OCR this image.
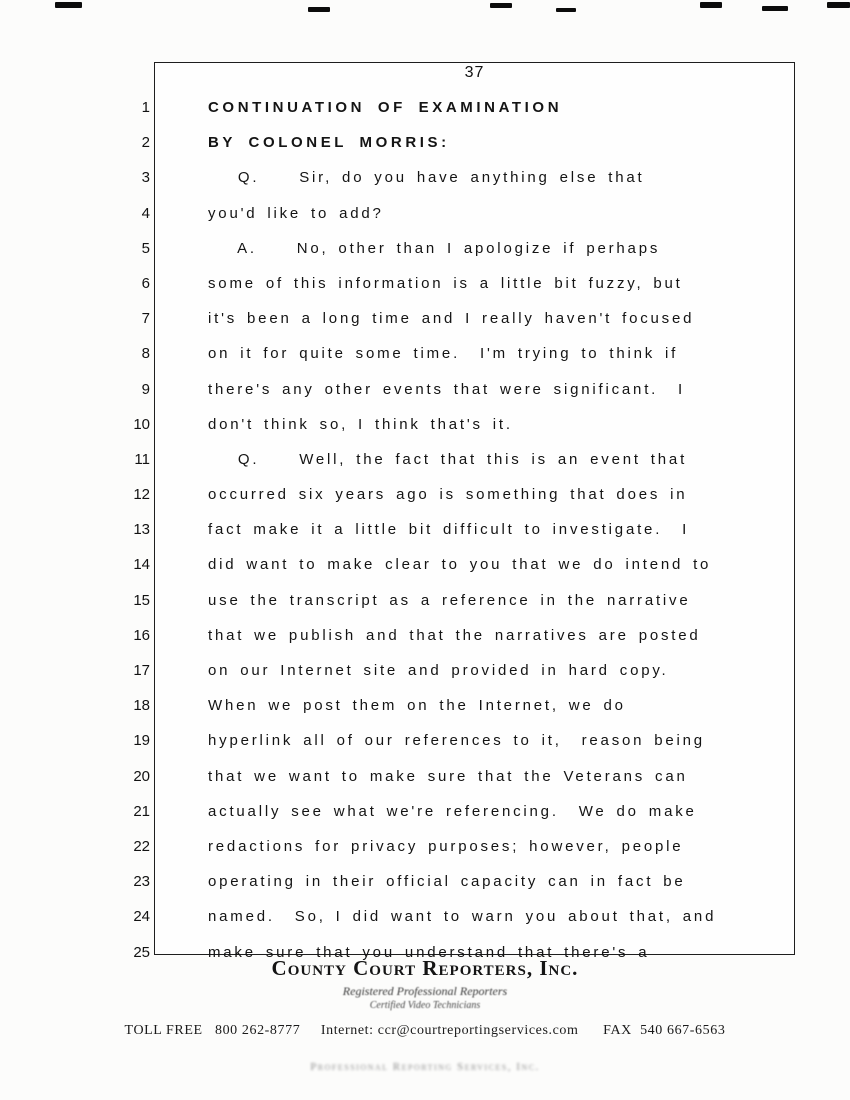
37
1	CONTINUATION OF EXAMINATION
2	BY COLONEL MORRIS:
3	Q.    Sir, do you have anything else that
4	you'd like to add?
5	A.    No, other than I apologize if perhaps
6	some of this information is a little bit fuzzy, but
7	it's been a long time and I really haven't focused
8	on it for quite some time.  I'm trying to think if
9	there's any other events that were significant.  I
10	don't think so, I think that's it.
11	Q.    Well, the fact that this is an event that
12	occurred six years ago is something that does in
13	fact make it a little bit difficult to investigate.  I
14	did want to make clear to you that we do intend to
15	use the transcript as a reference in the narrative
16	that we publish and that the narratives are posted
17	on our Internet site and provided in hard copy.
18	When we post them on the Internet, we do
19	hyperlink all of our references to it,  reason being
20	that we want to make sure that the Veterans can
21	actually see what we're referencing.  We do make
22	redactions for privacy purposes; however, people
23	operating in their official capacity can in fact be
24	named.  So, I did want to warn you about that, and
25	make sure that you understand that there's a
County Court Reporters, Inc.
Registered Professional Reporters
Certified Video Technicians
TOLL FREE   800 262-8777     Internet: ccr@courtreportingservices.com      FAX  540 667-6563
Professional Reporting Services, Inc.
